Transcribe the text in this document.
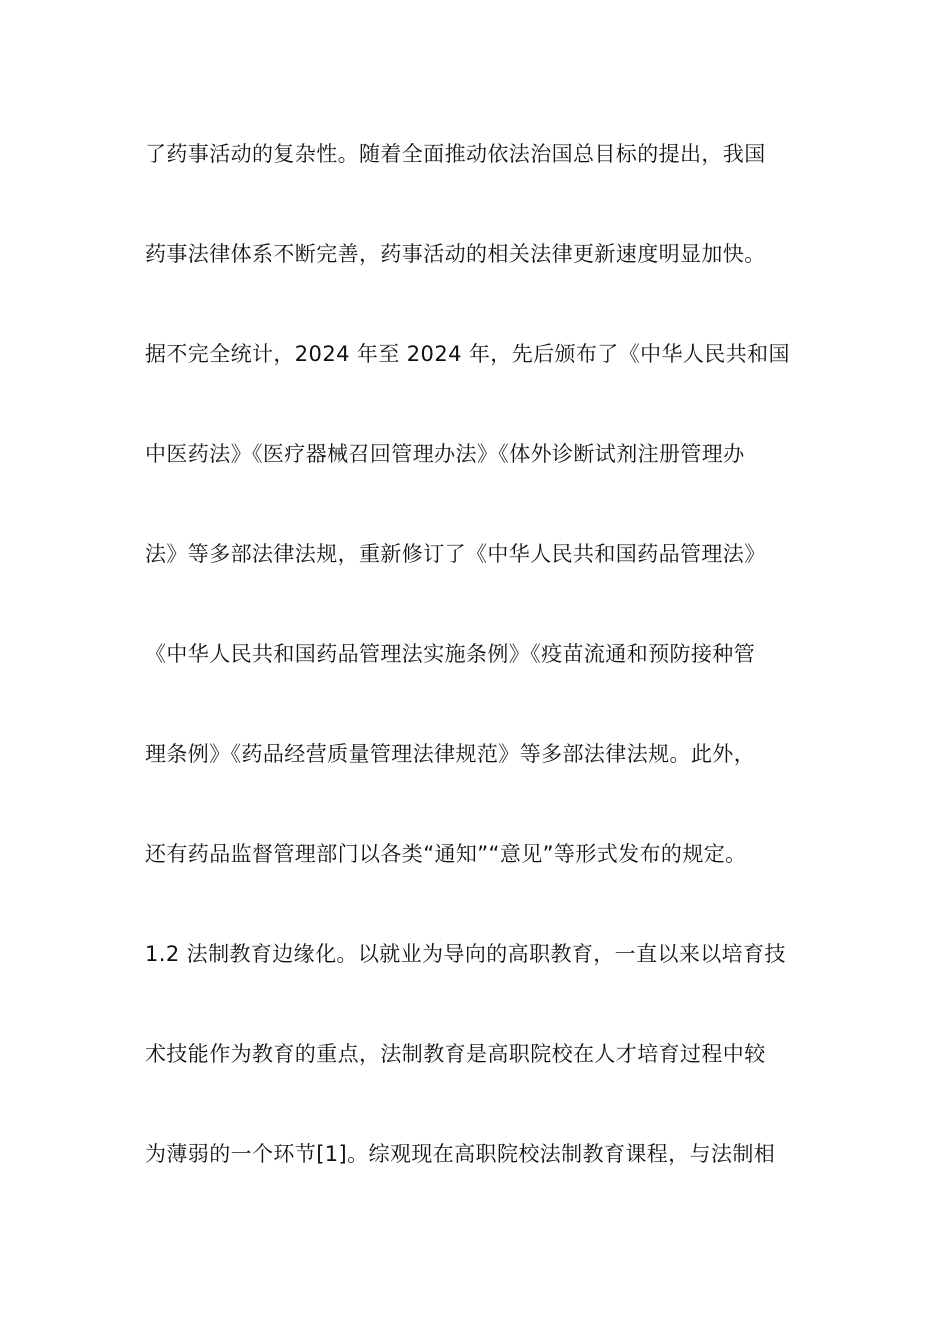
了药事活动的复杂性。随着全面推动依法治国总目标的提出，我国
药事法律体系不断完善，药事活动的相关法律更新速度明显加快。
据不完全统计，2024 年至 2024 年，先后颁布了《中华人民共和国
中医药法》《医疗器械召回管理办法》《体外诊断试剂注册管理办
法》等多部法律法规，重新修订了《中华人民共和国药品管理法》
《中华人民共和国药品管理法实施条例》《疫苗流通和预防接种管
理条例》《药品经营质量管理法律规范》等多部法律法规。此外，
还有药品监督管理部门以各类“通知”“意见”等形式发布的规定。
1.2 法制教育边缘化。以就业为导向的高职教育，一直以来以培育技
术技能作为教育的重点，法制教育是高职院校在人才培育过程中较
为薄弱的一个环节[1]。综观现在高职院校法制教育课程，与法制相
